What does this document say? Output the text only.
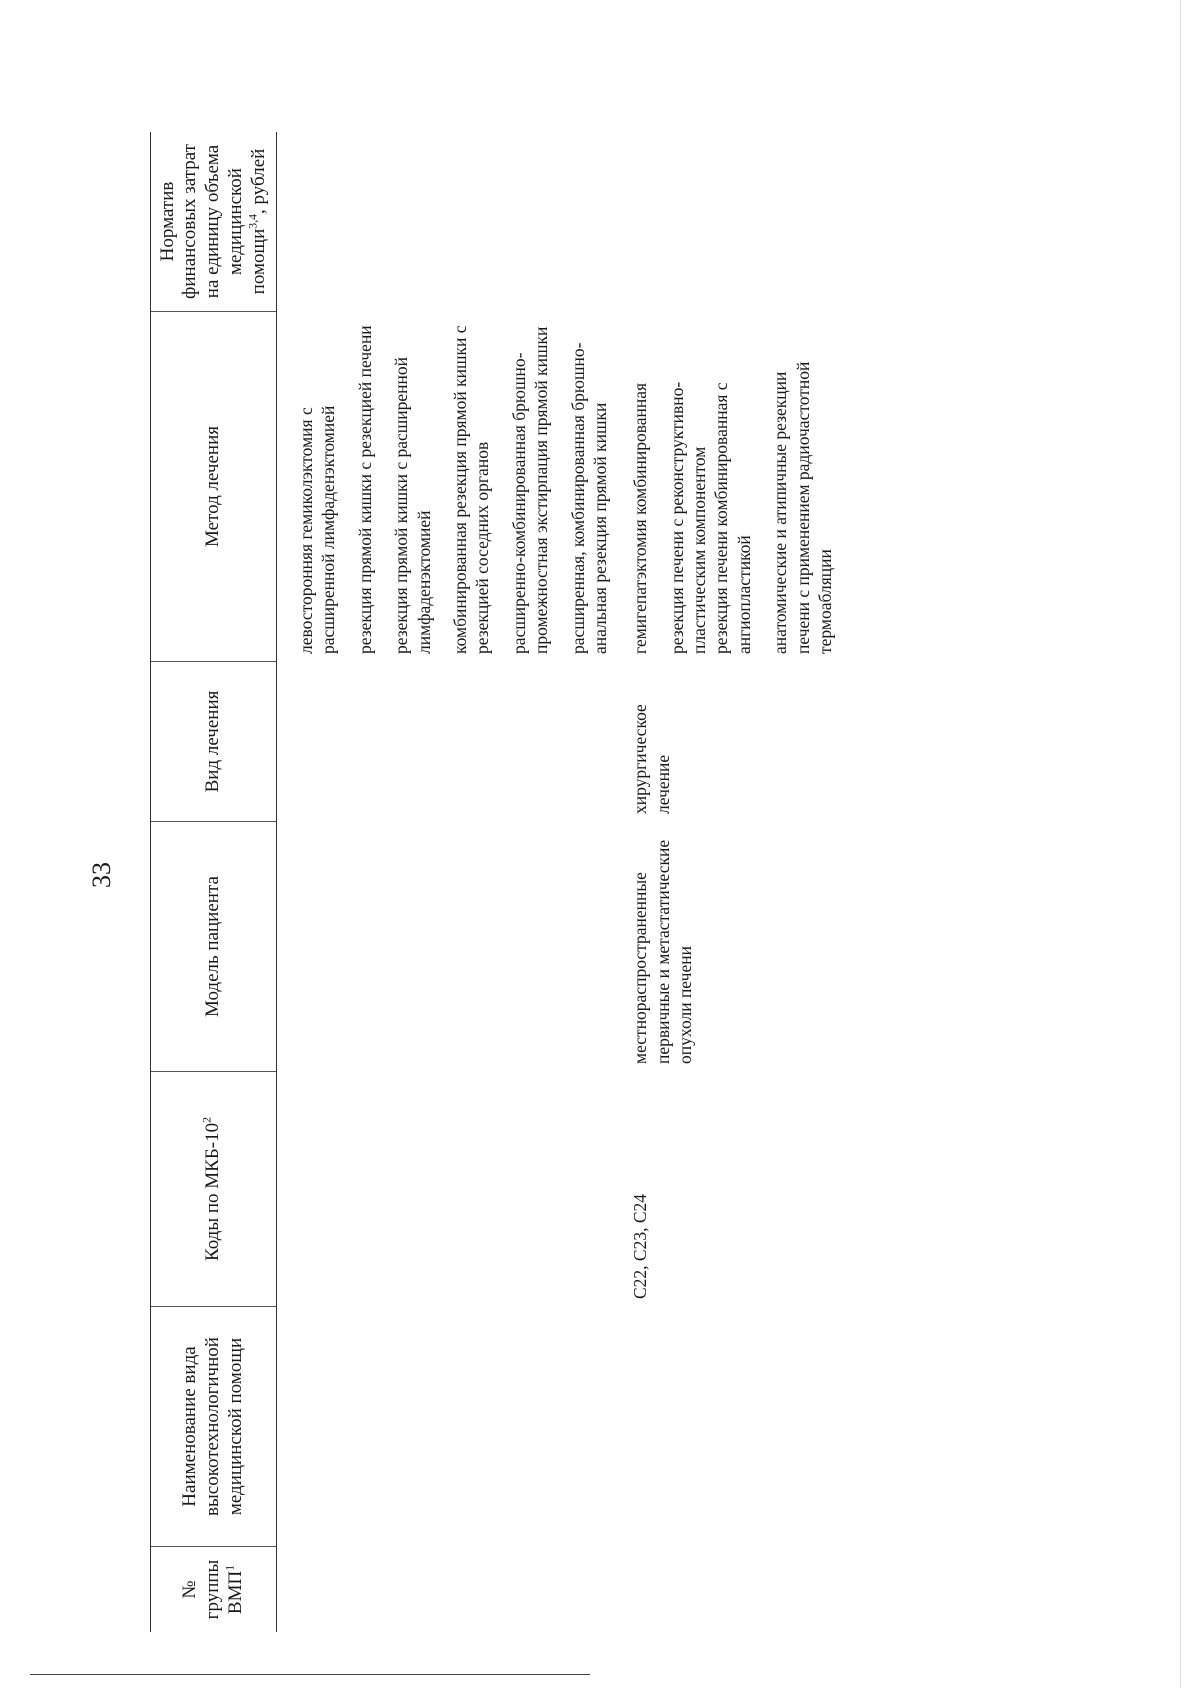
33
№ группы ВМП$^1$
Наименование вида высокотехнологичной медицинской помощи
Коды по МКБ-$10^2$
Модель пациента
Вид лечения
Метод лечения
Норматив финансовых затрат на единицу объема медицинской помощи$^{3,4}$, рублей
левосторонняя гемиколэктомия с расширенной лимфаденэктомией резекция прямой кишки с резекцией печени резекция прямой кишки с расширенной лимфаденэктомией комбинированная резекция прямой кишки с резекцией соседних органов расширенно-комбинированная брюшно-промежностная экстирпация прямой кишки расширенная, комбинированная брюшно-анальная резекция прямой кишки
С22, С23, С24
местнораспространенные первичные и метастатические опухоли печени
хирургическое лечение
гемигепатэктомия комбинированная резекция печени с реконструктивно-пластическим компонентом резекция печени комбинированная с ангиопластикой анатомические и атипичные резекции печени с применением радиочастотной термоабляции
